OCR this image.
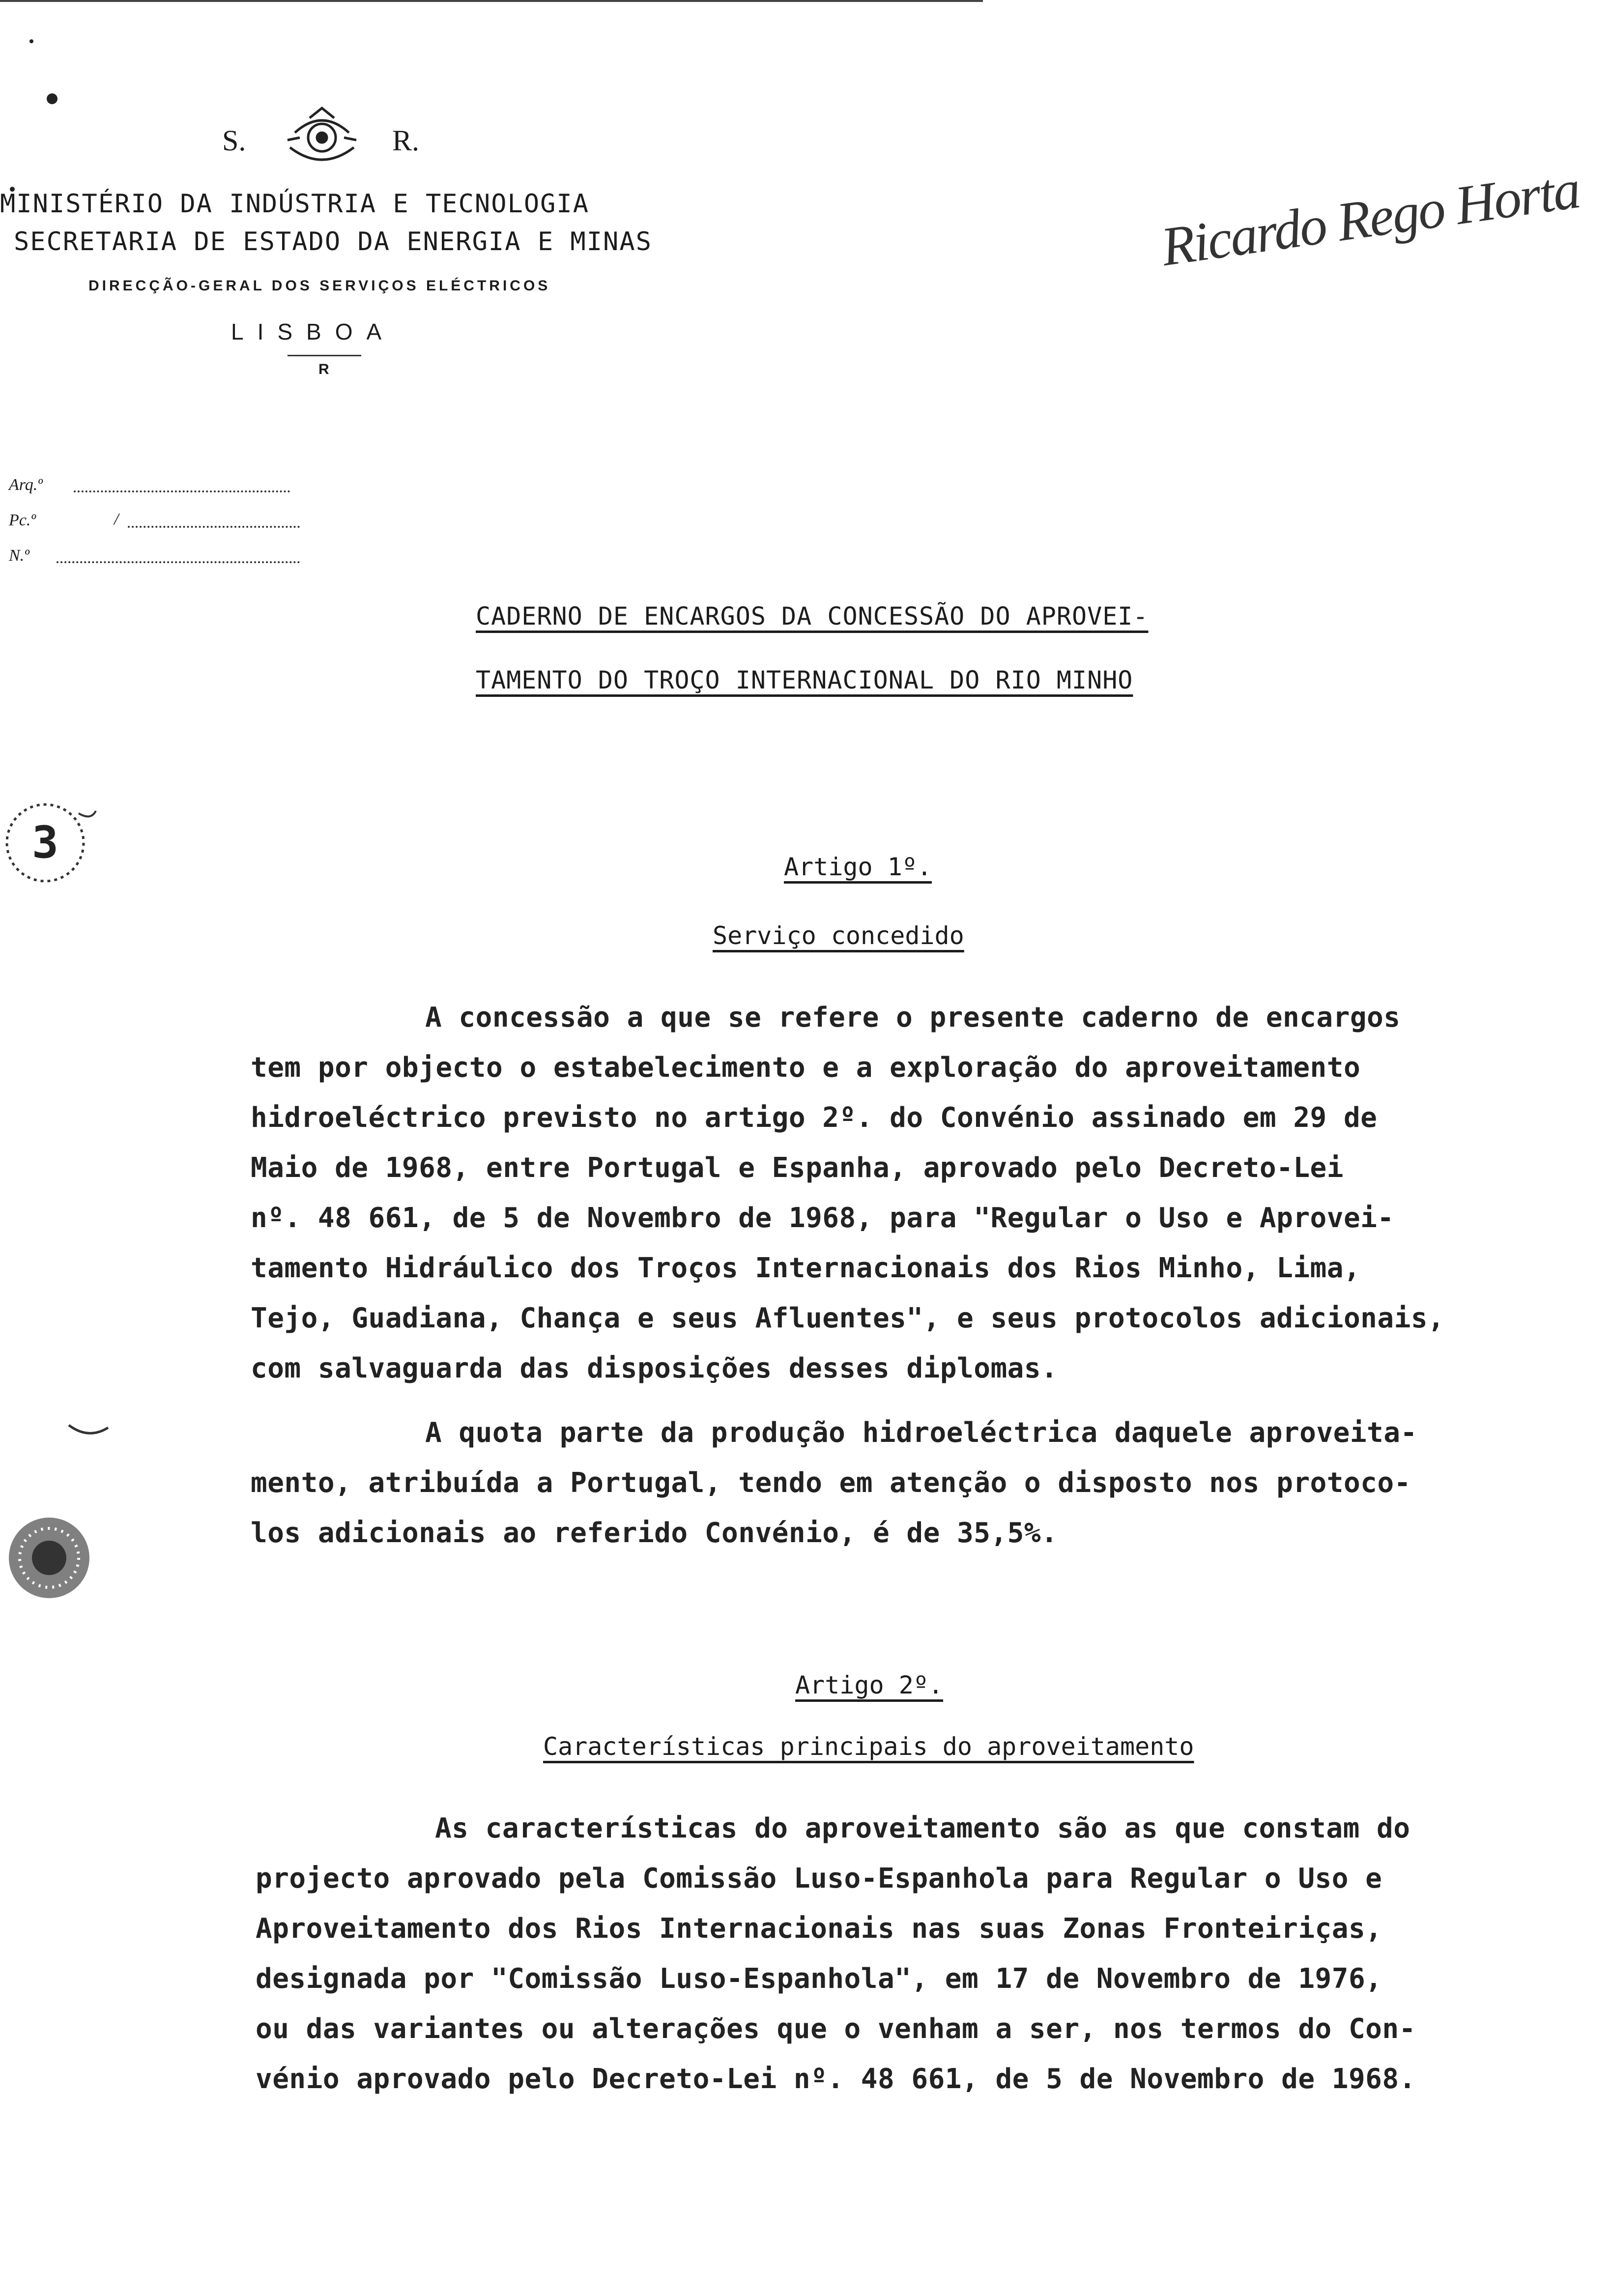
S.	R.
MINISTÉRIO DA INDÚSTRIA E TECNOLOGIA
SECRETARIA DE ESTADO DA ENERGIA E MINAS
DIRECÇÃO-GERAL DOS SERVIÇOS ELÉCTRICOS
LISBOA
R
Ricardo Rego Horta
Arq.º
Pc.º	/
N.º
CADERNO DE ENCARGOS DA CONCESSÃO DO APROVEI-
TAMENTO DO TROÇO INTERNACIONAL DO RIO MINHO
3	Artigo 1º.
Serviço concedido
A concessão a que se refere o presente caderno de encargos
tem por objecto o estabelecimento e a exploração do aproveitamento
hidroeléctrico previsto no artigo 2º. do Convénio assinado em 29 de
Maio de 1968, entre Portugal e Espanha, aprovado pelo Decreto-Lei
nº. 48 661, de 5 de Novembro de 1968, para "Regular o Uso e Aprovei-
tamento Hidráulico dos Troços Internacionais dos Rios Minho, Lima,
Tejo, Guadiana, Chança e seus Afluentes", e seus protocolos adicionais,
com salvaguarda das disposições desses diplomas.
A quota parte da produção hidroeléctrica daquele aproveita-
mento, atribuída a Portugal, tendo em atenção o disposto nos protoco-
los adicionais ao referido Convénio, é de 35,5%.
Artigo 2º.
Características principais do aproveitamento
As características do aproveitamento são as que constam do
projecto aprovado pela Comissão Luso-Espanhola para Regular o Uso e
Aproveitamento dos Rios Internacionais nas suas Zonas Fronteiriças,
designada por "Comissão Luso-Espanhola", em 17 de Novembro de 1976,
ou das variantes ou alterações que o venham a ser, nos termos do Con-
vénio aprovado pelo Decreto-Lei nº. 48 661, de 5 de Novembro de 1968.
